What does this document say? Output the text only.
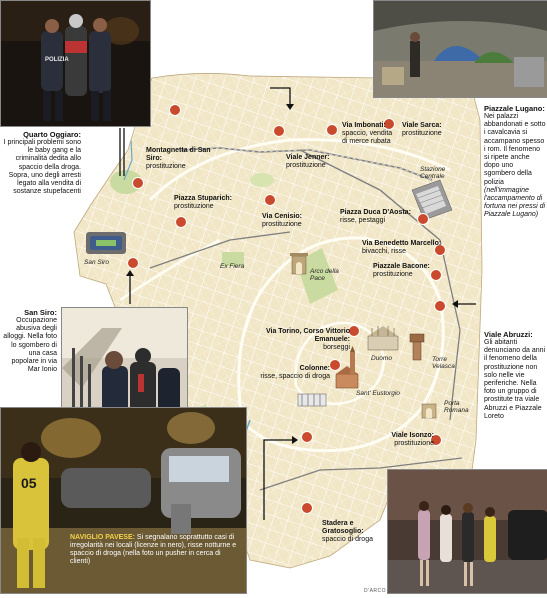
POLIZIA
05
Quarto Oggiaro:
I principali problemi sono le baby gang e la criminalità dedita allo spaccio della droga. Sopra, uno degli arresti legato alla vendita di sostanze stupefacenti
San Siro:
Occupazione abusiva degli alloggi. Nella foto lo sgombero di una casa popolare in via Mar Ionio
Piazzale Lugano:
Nei palazzi abbandonati e sotto i cavalcavia si accampano spesso i rom. Il fenomeno si ripete anche dopo uno sgombero della polizia (nell'immagine l'accampamento di fortuna nei pressi di Piazzale Lugano)
Viale Abruzzi:
Gli abitanti denunciano da anni il fenomeno della prostituzione non solo nelle vie periferiche. Nella foto un gruppo di prostitute tra viale Abruzzi e Piazzale Loreto
NAVIGLIO PAVESE: Si segnalano soprattutto casi di irregolarità nei locali (licenze in nero), risse notturne e spaccio di droga (nella foto un pusher in cerca di clienti)
Montagnetta di San Siro:
prostituzione
Piazza Stuparich:
prostituzione
Viale Jenner:
prostituzione
Via Imbonati:
spaccio, vendita di merce rubata
Viale Sarca:
prostituzione
Via Cenisio:
prostituzione
Piazza Duca D'Aosta:
risse, pestaggi
Via Benedetto Marcello:
bivacchi, risse
Piazzale Bacone:
prostituzione
Via Torino, Corso Vittorio Emanuele:
borseggi
Colonne:
risse, spaccio di droga
Viale Isonzo:
prostituzione
Stadera e Gratosoglio:
spaccio di droga
San Siro
Ex Fiera
Arco della Pace
Stazione Centrale
Duomo	Torre Velasca
Sant' Eustorgio
Porta Romana
D'ARCO
